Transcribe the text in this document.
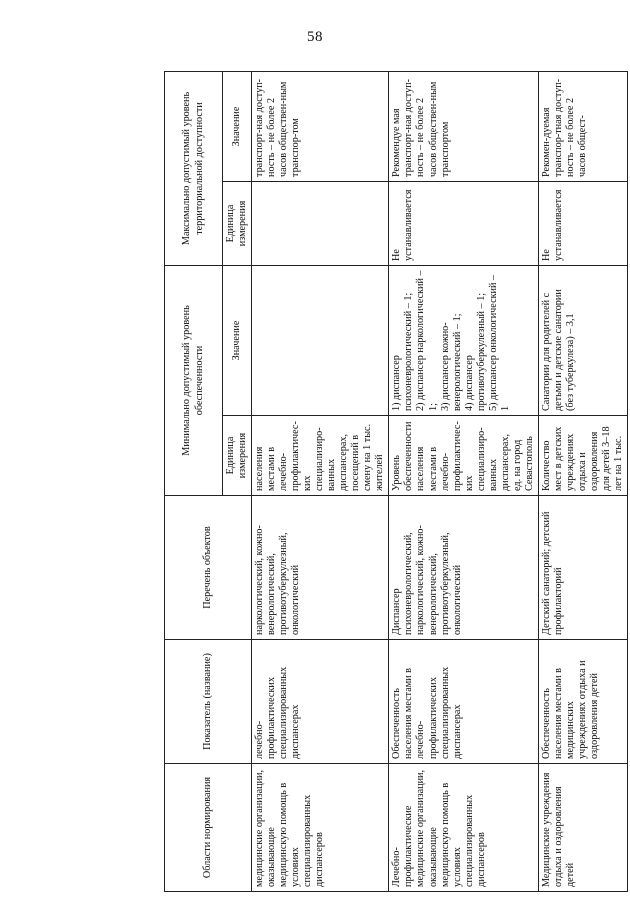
58
Области нормирования	Показатель (название)	Перечень объектов	Минимально допустимый уровень обеспеченности		Максимально допустимый уровень территориальной доступности	
			Единица измерения	Значение	Единица измерения	Значение

медицинские организации, оказывающие медицинскую помощь в условиях специализированных диспансеров	лечебно-профилактических специализированных диспансерах	наркологический, кожно-венерологический, противотуберкулезный, онкологический	населения местами в лечебно-профилактичес-ких специализиро-ванных диспансерах, посещений в смену на 1 тыс. жителей			транспорт-ная доступ-ность – не более 2 часов обществен-ным транспор-том

Лечебно-профилактические медицинские организации, оказывающие медицинскую помощь в условиях специализированных диспансеров	Обеспеченность населения местами в лечебно-профилактических специализированных диспансерах	Диспансер психоневрологический, наркологический, кожно-венерологический, противотуберкулезный, онкологический	Уровень обеспеченности населения местами в лечебно-профилактичес-ких специализиро-ванных диспансерах, ед. на город Севастополь	1) диспансер психоневрологический – 1;
2) диспансер наркологический – 1;
3) диспансер кожно-венерологический – 1;
4) диспансер противотуберкулезный – 1;
5) диспансер онкологический – 1	Не устанавливается	Рекомендуе мая транспорт-ная доступ-ность – не более 2 часов обществен-ным транспортом

Медицинские учреждения отдыха и оздоровления детей	Обеспеченность населения местами в медицинских учреждениях отдыха и оздоровления детей	Детский санаторий; детский профилакторий	Количество мест в детских учреждениях отдыха и оздоровления для детей 3–18 лет на 1 тыс.	Санатории для родителей с детьми и детские санатории (без туберкулеза) – 3,1	Не устанавливается	Рекомен-дуемая транспор-тная доступ-ность – не более 2 часов общест-
